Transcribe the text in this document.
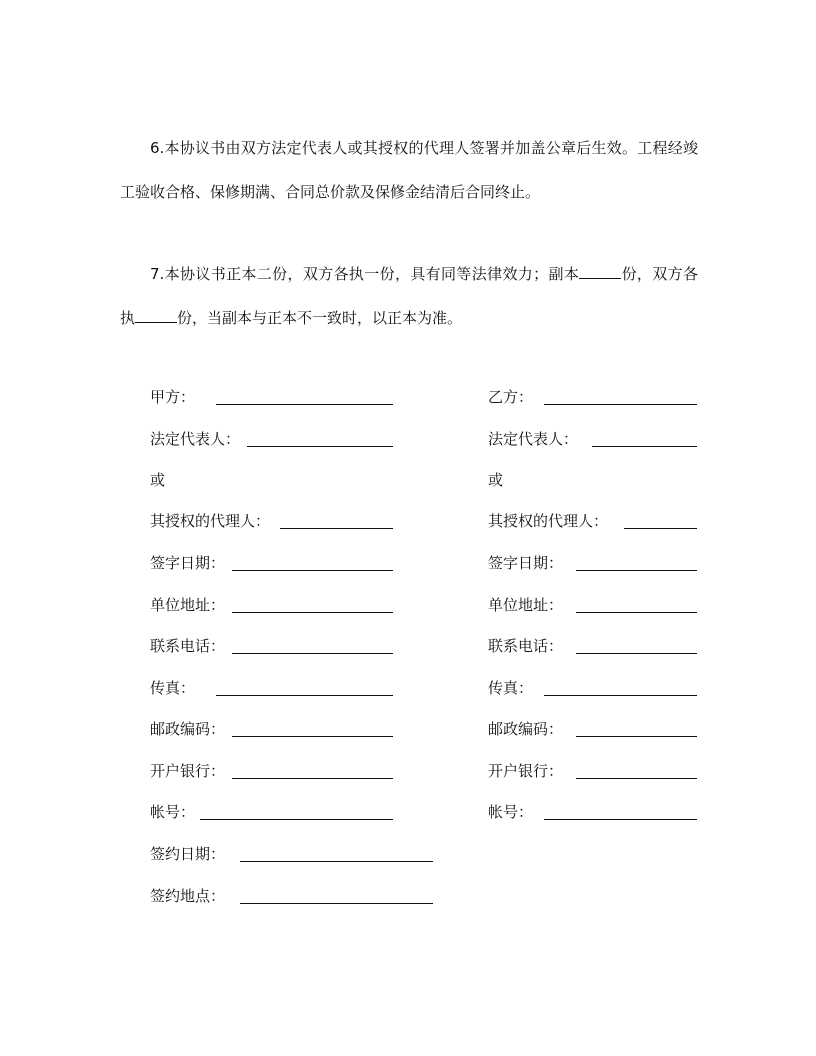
6.本协议书由双方法定代表人或其授权的代理人签署并加盖公章后生效。工程经竣工验收合格、保修期满、合同总价款及保修金结清后合同终止。

7.本协议书正本二份，双方各执一份，具有同等法律效力；副本	份，双方各执	份，当副本与正本不一致时，以正本为准。

甲方：
法定代表人：
或
其授权的代理人：
签字日期：
单位地址：
联系电话：
传真：
邮政编码：
开户银行：
帐号：
乙方：
法定代表人：
或
其授权的代理人：
签字日期：
单位地址：
联系电话：
传真：
邮政编码：
开户银行：
帐号：
签约日期：
签约地点：
